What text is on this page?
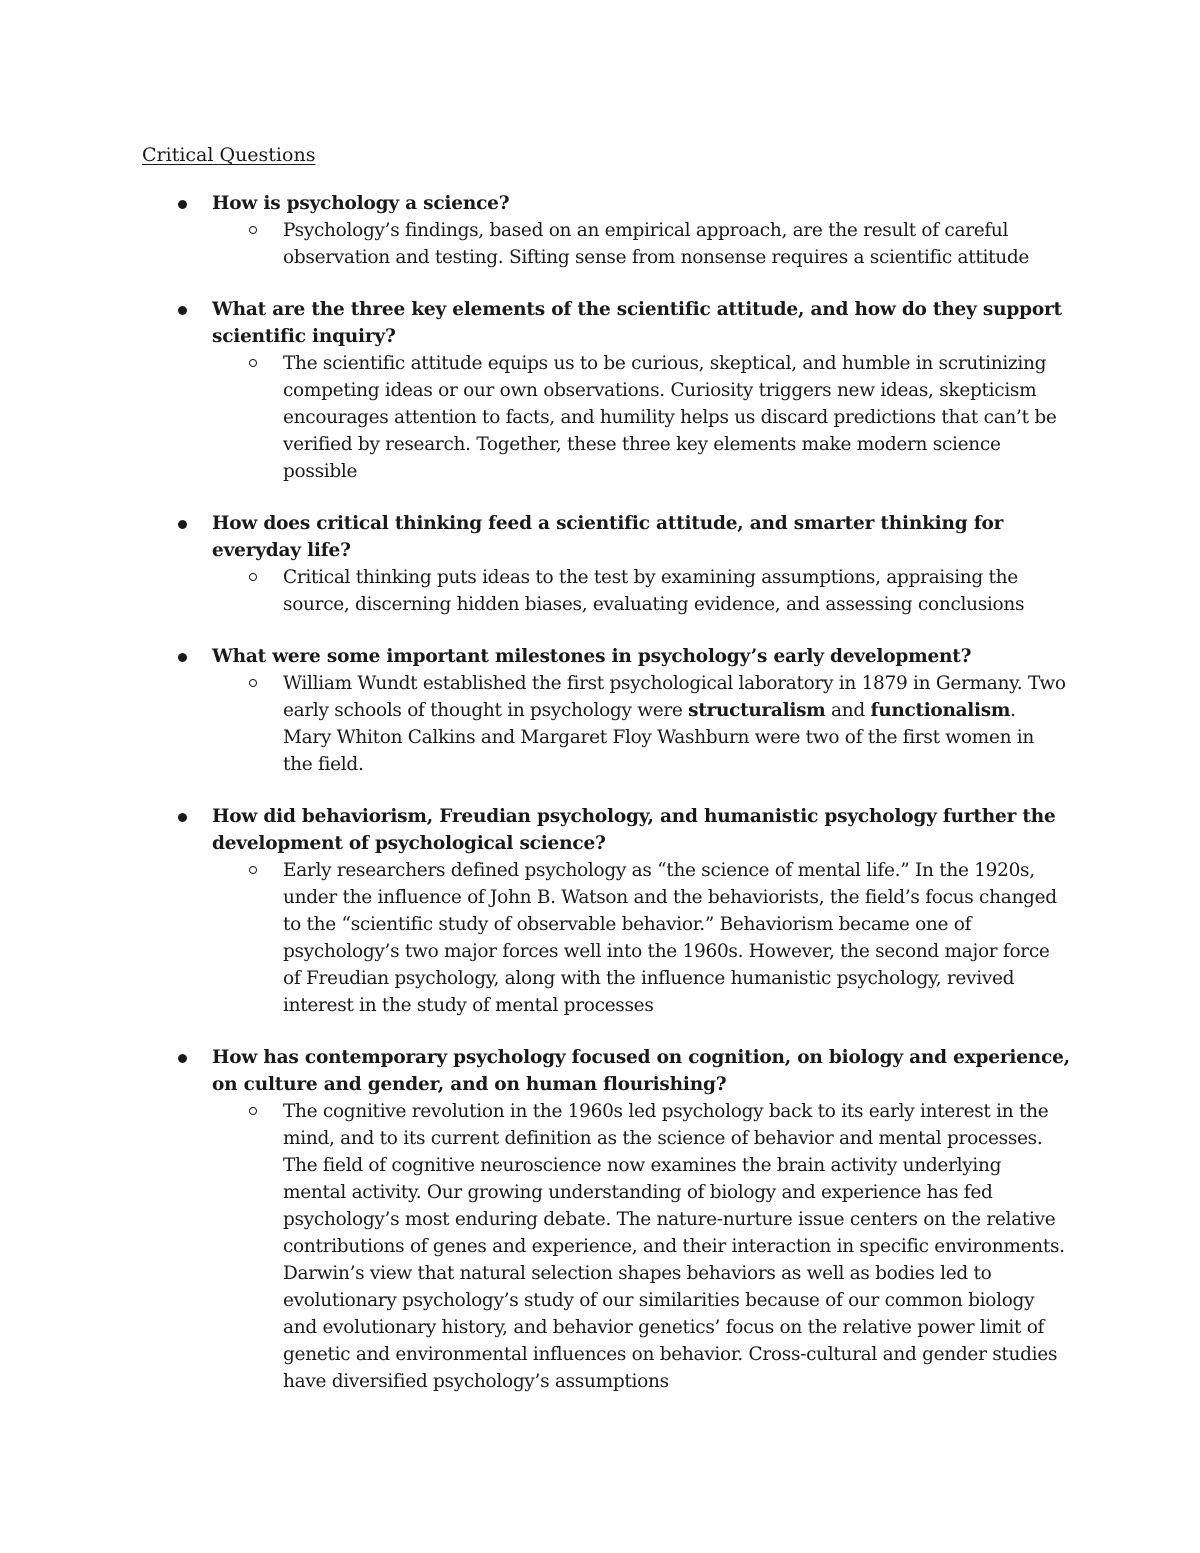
Critical Questions

How is psychology a science?

Psychology’s findings, based on an empirical approach, are the result of careful observation and testing. Sifting sense from nonsense requires a scientific attitude

What are the three key elements of the scientific attitude, and how do they support scientific inquiry?

The scientific attitude equips us to be curious, skeptical, and humble in scrutinizing competing ideas or our own observations. Curiosity triggers new ideas, skepticism encourages attention to facts, and humility helps us discard predictions that can’t be verified by research. Together, these three key elements make modern science possible

How does critical thinking feed a scientific attitude, and smarter thinking for everyday life?

Critical thinking puts ideas to the test by examining assumptions, appraising the source, discerning hidden biases, evaluating evidence, and assessing conclusions

What were some important milestones in psychology’s early development?

William Wundt established the first psychological laboratory in 1879 in Germany. Two early schools of thought in psychology were structuralism and functionalism. Mary Whiton Calkins and Margaret Floy Washburn were two of the first women in the field.

How did behaviorism, Freudian psychology, and humanistic psychology further the development of psychological science?

Early researchers defined psychology as “the science of mental life.” In the 1920s, under the influence of John B. Watson and the behaviorists, the field’s focus changed to the “scientific study of observable behavior.” Behaviorism became one of psychology’s two major forces well into the 1960s. However, the second major force of Freudian psychology, along with the influence humanistic psychology, revived interest in the study of mental processes

How has contemporary psychology focused on cognition, on biology and experience, on culture and gender, and on human flourishing?

The cognitive revolution in the 1960s led psychology back to its early interest in the mind, and to its current definition as the science of behavior and mental processes. The field of cognitive neuroscience now examines the brain activity underlying mental activity. Our growing understanding of biology and experience has fed psychology’s most enduring debate. The nature-nurture issue centers on the relative contributions of genes and experience, and their interaction in specific environments. Darwin’s view that natural selection shapes behaviors as well as bodies led to evolutionary psychology’s study of our similarities because of our common biology and evolutionary history, and behavior genetics’ focus on the relative power limit of genetic and environmental influences on behavior. Cross-cultural and gender studies have diversified psychology’s assumptions
